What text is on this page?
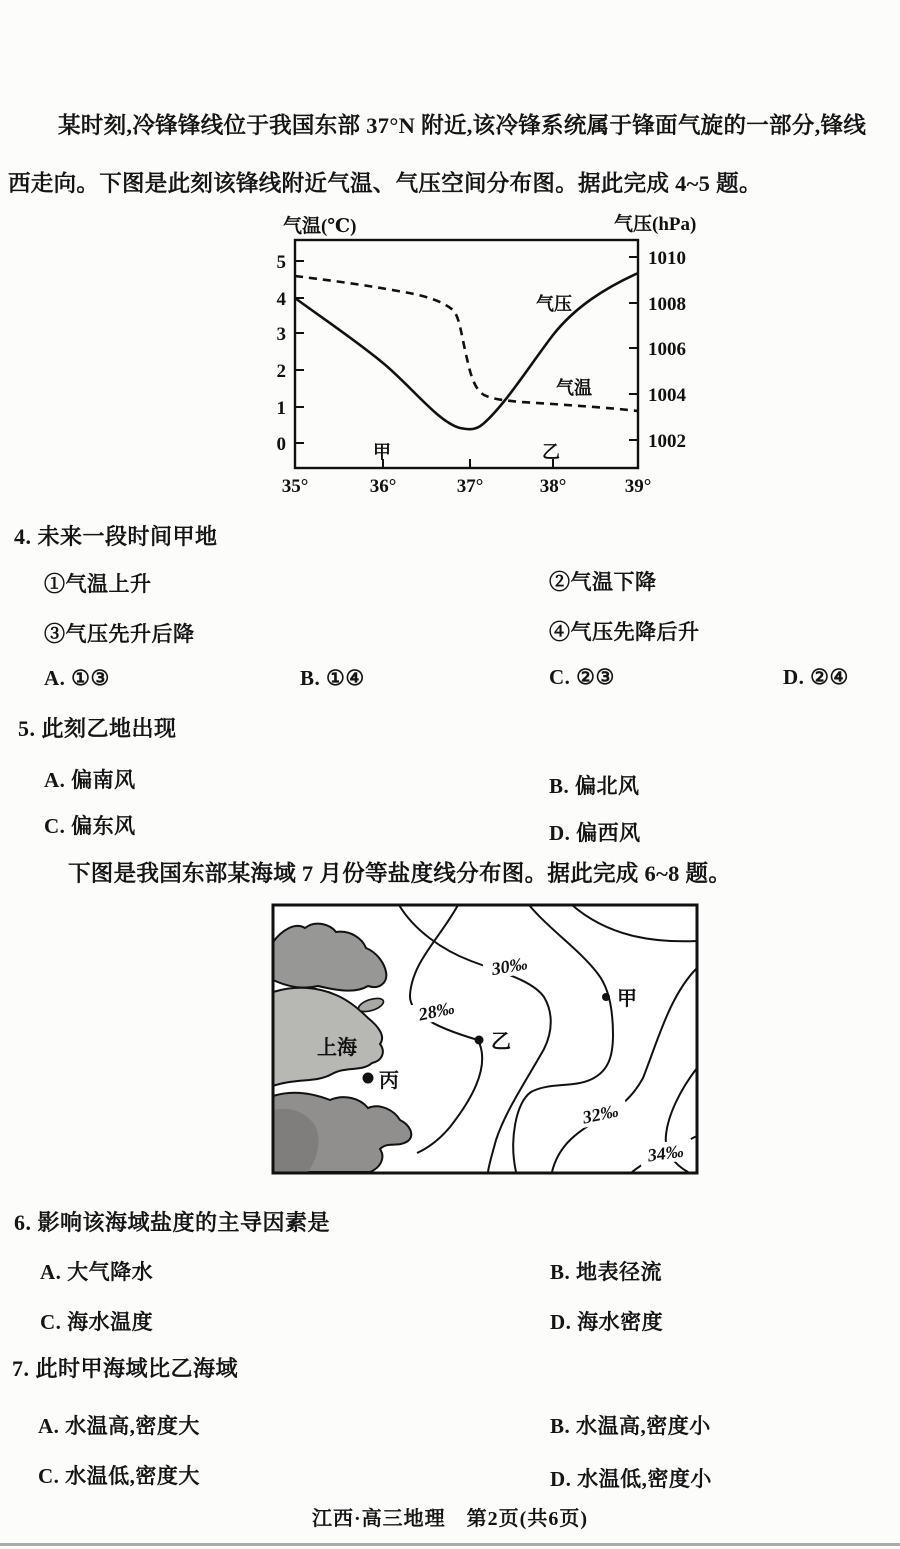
某时刻,冷锋锋线位于我国东部 37°N 附近,该冷锋系统属于锋面气旋的一部分,锋线
西走向。下图是此刻该锋线附近气温、气压空间分布图。据此完成 4~5 题。
气温(℃)	气压(hPa)
5
4
3
2
1
0
1010
1008
1006
1004
1002
35°	36°	37°	38°	39°
气压
气温
甲	乙
4. 未来一段时间甲地
①气温上升	②气温下降
③气压先升后降	④气压先降后升
A. ①③	B. ①④	C. ②③	D. ②④
5. 此刻乙地出现
A. 偏南风	B. 偏北风
C. 偏东风	D. 偏西风
下图是我国东部某海域 7 月份等盐度线分布图。据此完成 6~8 题。
28‰
30‰
32‰
34‰
上海
甲
乙
丙
6. 影响该海域盐度的主导因素是
A. 大气降水	B. 地表径流
C. 海水温度	D. 海水密度
7. 此时甲海域比乙海域
A. 水温高,密度大	B. 水温高,密度小
C. 水温低,密度大	D. 水温低,密度小
江西·高三地理　第2页(共6页)
